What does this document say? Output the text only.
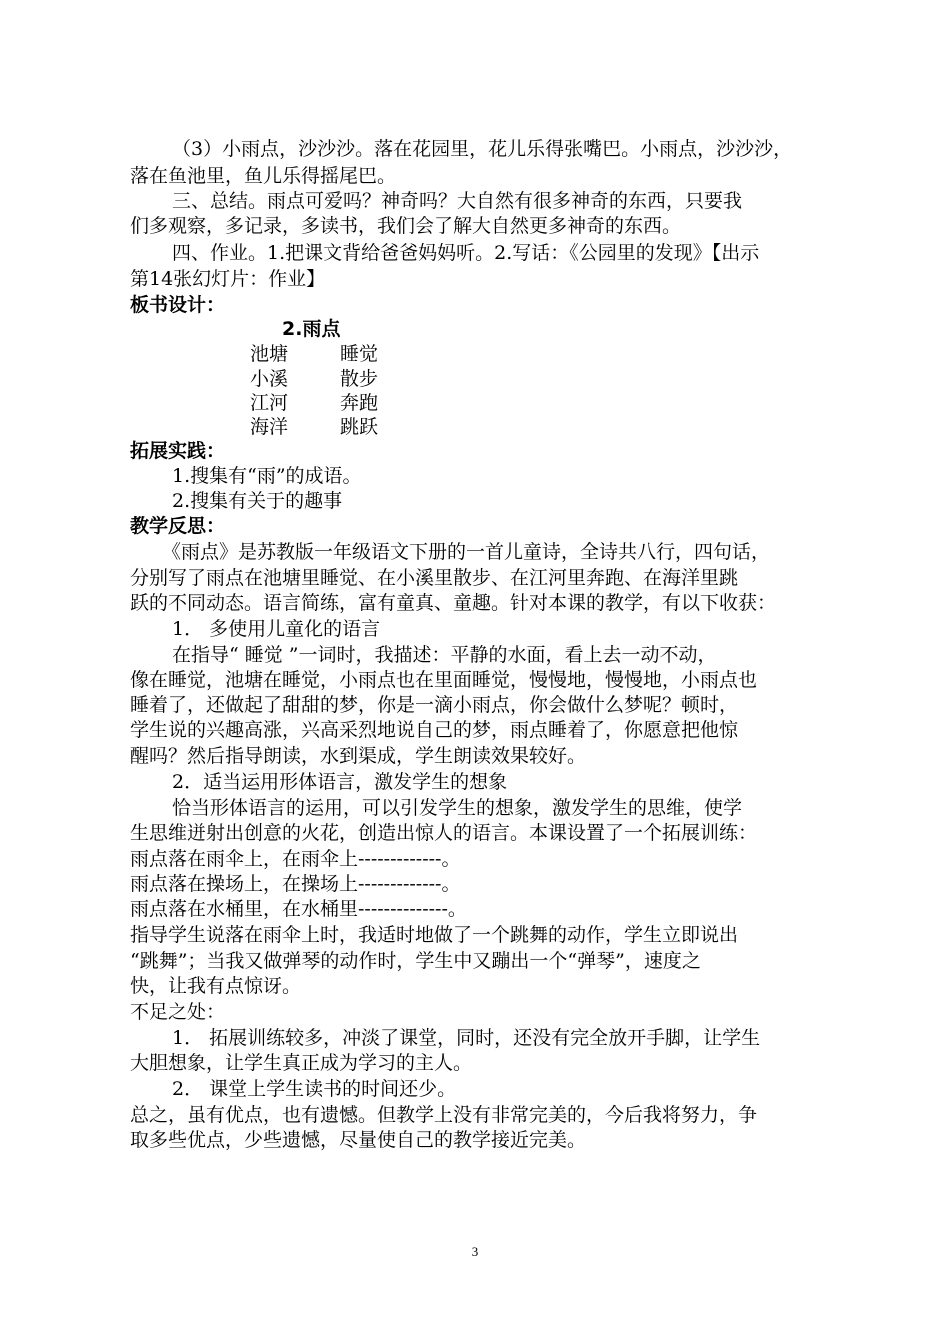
（3）小雨点，沙沙沙。落在花园里，花儿乐得张嘴巴。小雨点，沙沙沙，
落在鱼池里，鱼儿乐得摇尾巴。
三、总结。雨点可爱吗？神奇吗？大自然有很多神奇的东西，只要我
们多观察，多记录，多读书，我们会了解大自然更多神奇的东西。
四、作业。1.把课文背给爸爸妈妈听。2.写话：《公园里的发现》【出示
第14张幻灯片：作业】
板书设计：
2.雨点
池塘	睡觉
小溪	散步
江河	奔跑
海洋	跳跃
拓展实践：
1.搜集有“雨”的成语。
2.搜集有关于的趣事
教学反思：
《雨点》是苏教版一年级语文下册的一首儿童诗，全诗共八行，四句话，
分别写了雨点在池塘里睡觉、在小溪里散步、在江河里奔跑、在海洋里跳
跃的不同动态。语言简练，富有童真、童趣。针对本课的教学，有以下收获：
1． 多使用儿童化的语言
在指导“ 睡觉 ”一词时，我描述：平静的水面，看上去一动不动，
像在睡觉，池塘在睡觉，小雨点也在里面睡觉，慢慢地，慢慢地，小雨点也
睡着了，还做起了甜甜的梦，你是一滴小雨点，你会做什么梦呢？顿时，
学生说的兴趣高涨，兴高采烈地说自己的梦，雨点睡着了，你愿意把他惊
醒吗？然后指导朗读，水到渠成，学生朗读效果较好。
2．适当运用形体语言，激发学生的想象
恰当形体语言的运用，可以引发学生的想象，激发学生的思维，使学
生思维迸射出创意的火花，创造出惊人的语言。本课设置了一个拓展训练：
雨点落在雨伞上，在雨伞上-------------。
雨点落在操场上，在操场上-------------。
雨点落在水桶里，在水桶里--------------。
指导学生说落在雨伞上时，我适时地做了一个跳舞的动作，学生立即说出
“跳舞”；当我又做弹琴的动作时，学生中又蹦出一个“弹琴”，速度之
快，让我有点惊讶。
不足之处：
1． 拓展训练较多，冲淡了课堂，同时，还没有完全放开手脚，让学生
大胆想象，让学生真正成为学习的主人。
2． 课堂上学生读书的时间还少。
总之，虽有优点，也有遗憾。但教学上没有非常完美的，今后我将努力，争
取多些优点，少些遗憾，尽量使自己的教学接近完美。
3
